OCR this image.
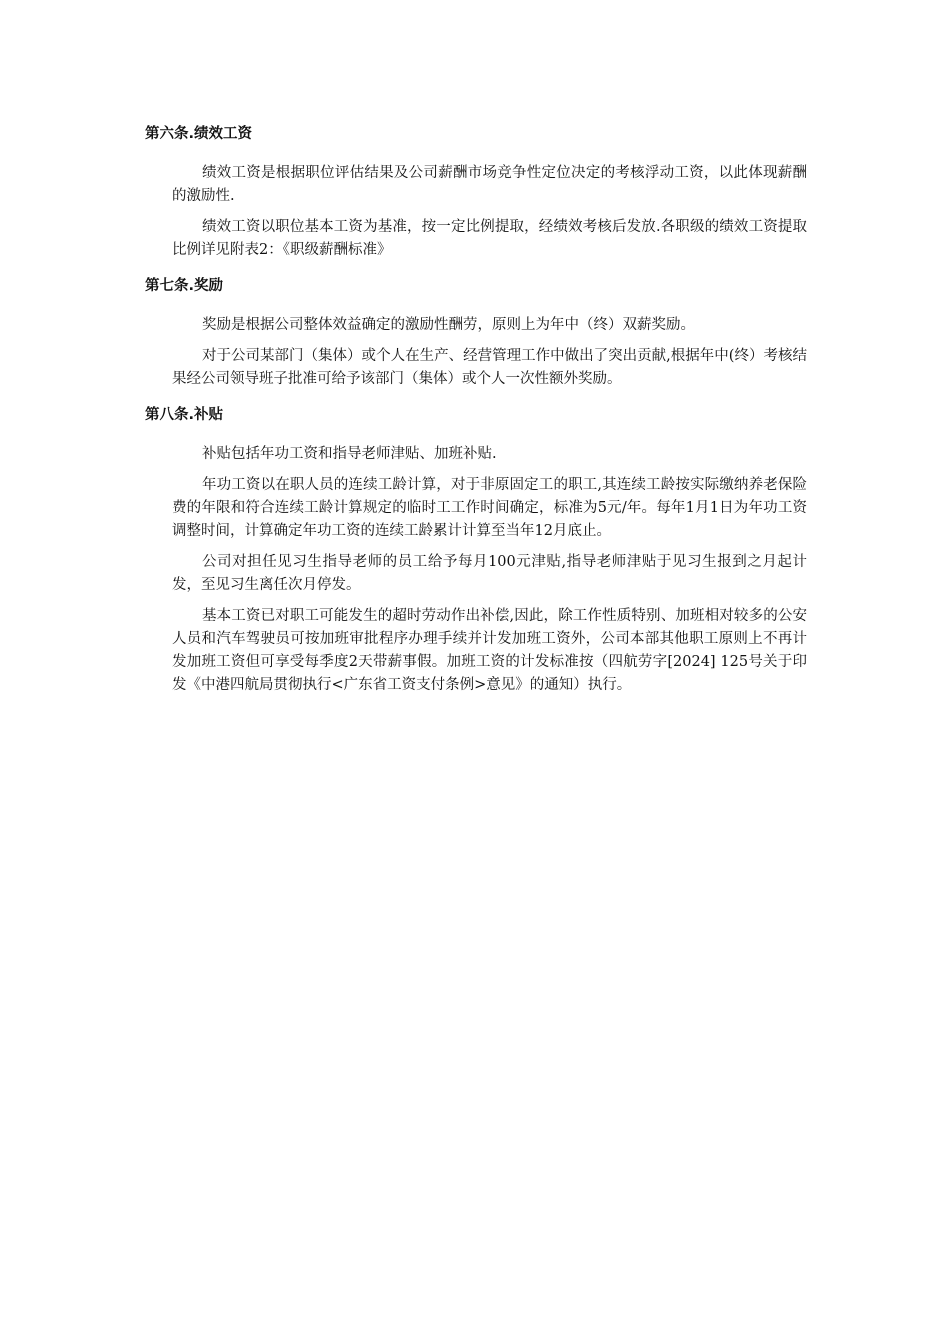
第六条.绩效工资

绩效工资是根据职位评估结果及公司薪酬市场竞争性定位决定的考核浮动工资，以此体现薪酬的激励性.

绩效工资以职位基本工资为基准，按一定比例提取，经绩效考核后发放.各职级的绩效工资提取比例详见附表2：《职级薪酬标准》

第七条.奖励

奖励是根据公司整体效益确定的激励性酬劳，原则上为年中（终）双薪奖励。

对于公司某部门（集体）或个人在生产、经营管理工作中做出了突出贡献,根据年中(终）考核结果经公司领导班子批准可给予该部门（集体）或个人一次性额外奖励。

第八条.补贴

补贴包括年功工资和指导老师津贴、加班补贴.

年功工资以在职人员的连续工龄计算，对于非原固定工的职工,其连续工龄按实际缴纳养老保险费的年限和符合连续工龄计算规定的临时工工作时间确定，标准为5元/年。每年1月1日为年功工资调整时间，计算确定年功工资的连续工龄累计计算至当年12月底止。

公司对担任见习生指导老师的员工给予每月100元津贴,指导老师津贴于见习生报到之月起计发，至见习生离任次月停发。

基本工资已对职工可能发生的超时劳动作出补偿,因此，除工作性质特别、加班相对较多的公安人员和汽车驾驶员可按加班审批程序办理手续并计发加班工资外，公司本部其他职工原则上不再计发加班工资但可享受每季度2天带薪事假。加班工资的计发标准按（四航劳字[2024] 125号关于印发《中港四航局贯彻执行<广东省工资支付条例>意见》的通知）执行。
